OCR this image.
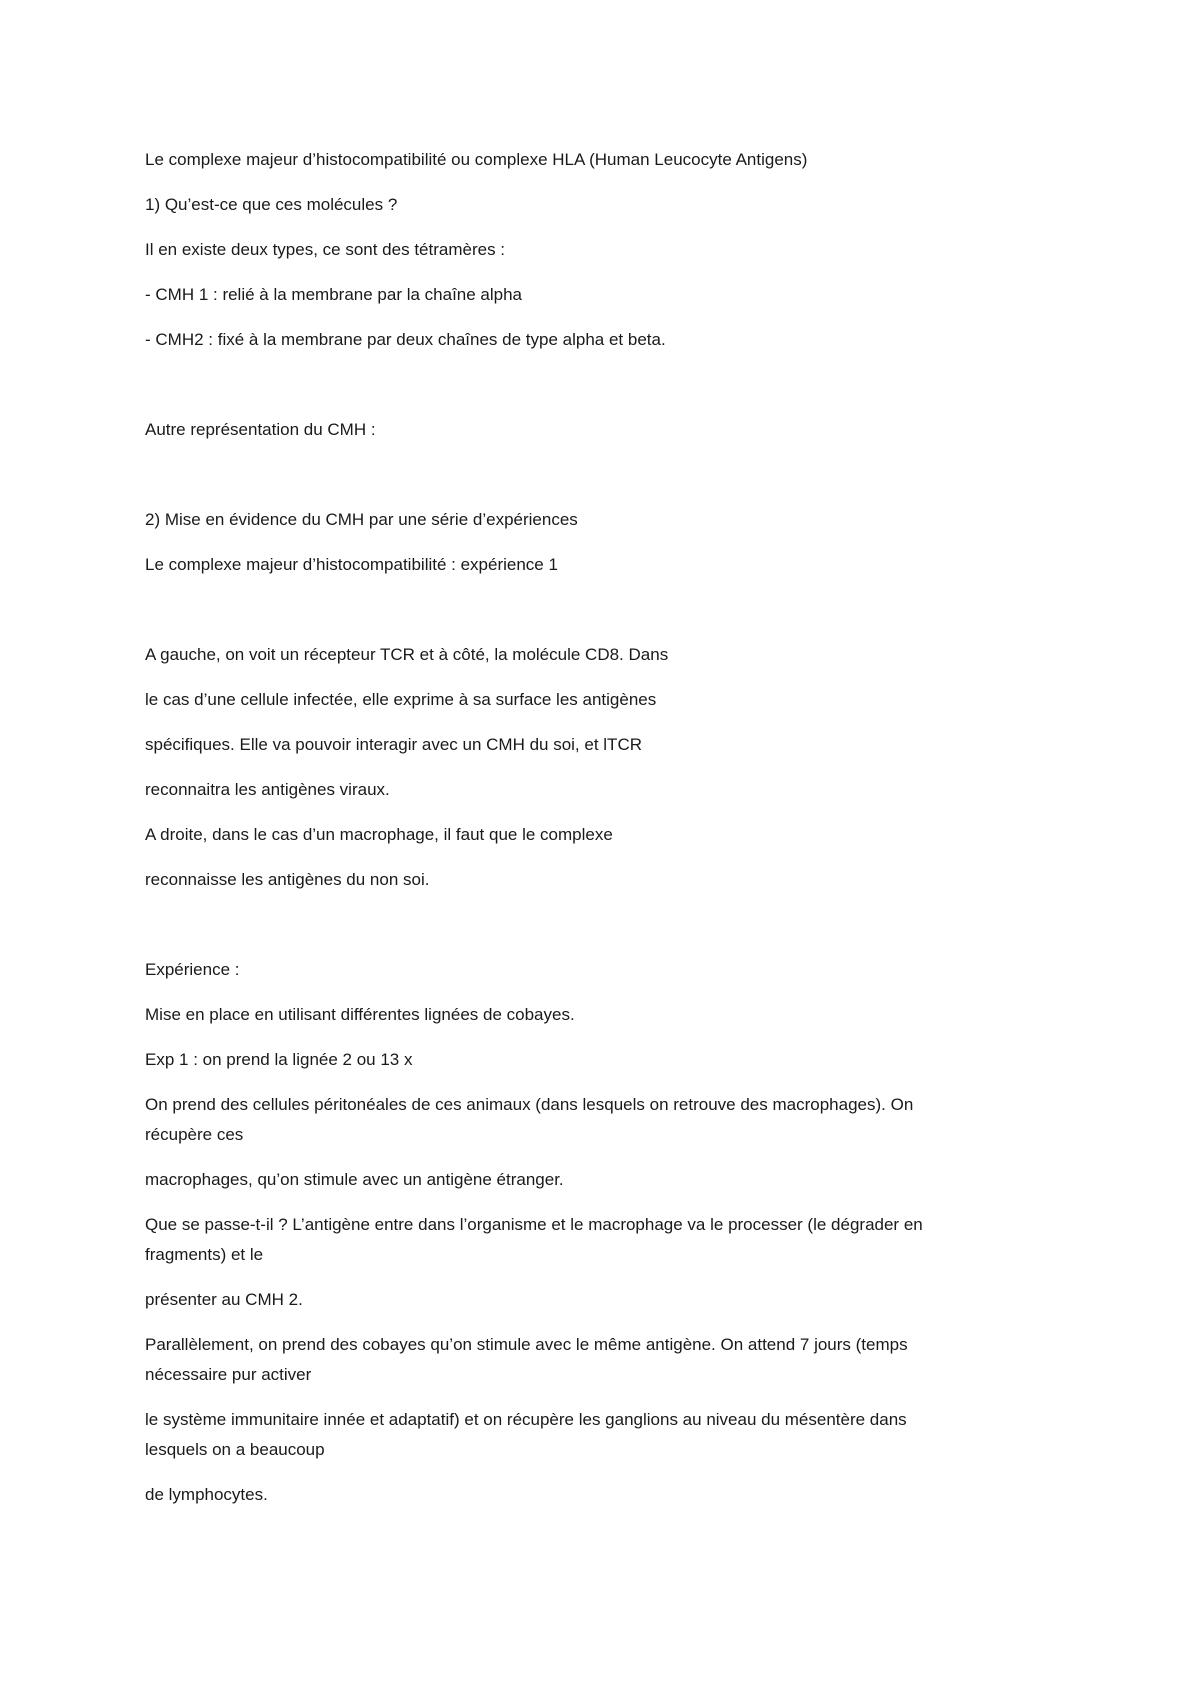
Le complexe majeur d’histocompatibilité ou complexe HLA (Human Leucocyte Antigens)
1) Qu’est-ce que ces molécules ?
Il en existe deux types, ce sont des tétramères :
- CMH 1 : relié à la membrane par la chaîne alpha
- CMH2 : fixé à la membrane par deux chaînes de type alpha et beta.
Autre représentation du CMH :
2) Mise en évidence du CMH par une série d’expériences
Le complexe majeur d’histocompatibilité : expérience 1
A gauche, on voit un récepteur TCR et à côté, la molécule CD8. Dans
le cas d’une cellule infectée, elle exprime à sa surface les antigènes
spécifiques. Elle va pouvoir interagir avec un CMH du soi, et lTCR
reconnaitra les antigènes viraux.
A droite, dans le cas d’un macrophage, il faut que le complexe
reconnaisse les antigènes du non soi.
Expérience :
Mise en place en utilisant différentes lignées de cobayes.
Exp 1 : on prend la lignée 2 ou 13 x
On prend des cellules péritonéales de ces animaux (dans lesquels on retrouve des macrophages). On
récupère ces
macrophages, qu’on stimule avec un antigène étranger.
Que se passe-t-il ? L’antigène entre dans l’organisme et le macrophage va le processer (le dégrader en
fragments) et le
présenter au CMH 2.
Parallèlement, on prend des cobayes qu’on stimule avec le même antigène. On attend 7 jours (temps
nécessaire pur activer
le système immunitaire innée et adaptatif) et on récupère les ganglions au niveau du mésentère dans
lesquels on a beaucoup
de lymphocytes.
